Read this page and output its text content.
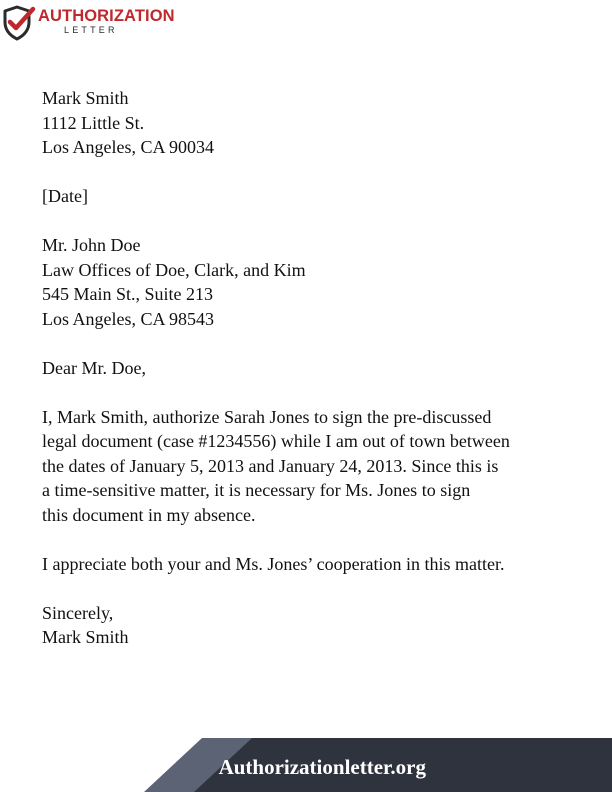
AUTHORIZATION
LETTER

Mark Smith

1112 Little St.

Los Angeles, CA 90034

[Date]

Mr. John Doe

Law Offices of Doe, Clark, and Kim

545 Main St., Suite 213

Los Angeles, CA 98543

Dear Mr. Doe,

I, Mark Smith, authorize Sarah Jones to sign the pre-discussed

legal document (case #1234556) while I am out of town between

the dates of January 5, 2013 and January 24, 2013. Since this is

a time-sensitive matter, it is necessary for Ms. Jones to sign

this document in my absence.

I appreciate both your and Ms. Jones’ cooperation in this matter.

Sincerely,

Mark Smith

Authorizationletter.org
